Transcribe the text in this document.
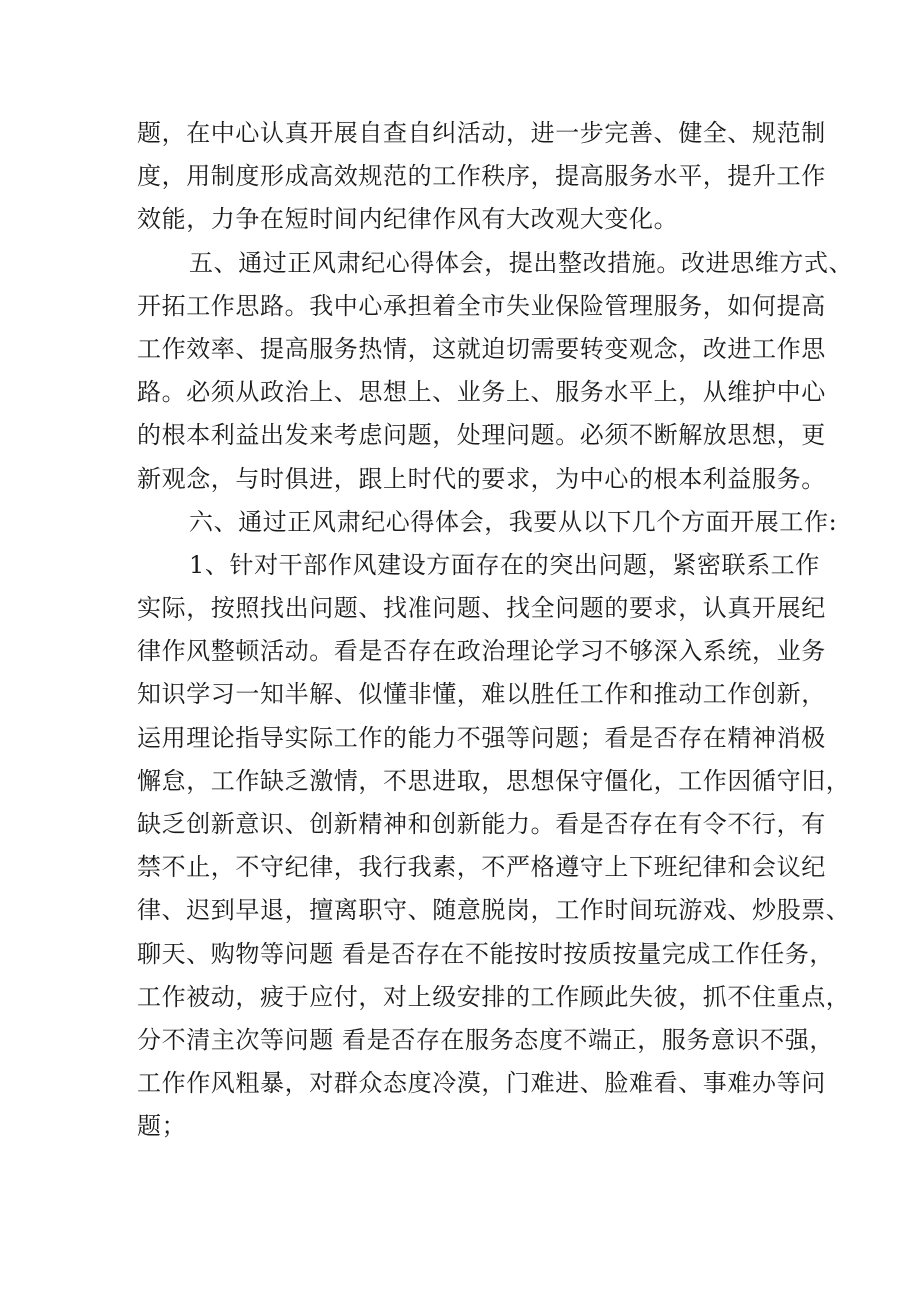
题，在中心认真开展自查自纠活动，进一步完善、健全、规范制
度，用制度形成高效规范的工作秩序，提高服务水平，提升工作
效能，力争在短时间内纪律作风有大改观大变化。
五、通过正风肃纪心得体会，提出整改措施。改进思维方式、
开拓工作思路。我中心承担着全市失业保险管理服务，如何提高
工作效率、提高服务热情，这就迫切需要转变观念，改进工作思
路。必须从政治上、思想上、业务上、服务水平上，从维护中心
的根本利益出发来考虑问题，处理问题。必须不断解放思想，更
新观念，与时俱进，跟上时代的要求，为中心的根本利益服务。
六、通过正风肃纪心得体会，我要从以下几个方面开展工作:
1、针对干部作风建设方面存在的突出问题，紧密联系工作
实际，按照找出问题、找准问题、找全问题的要求，认真开展纪
律作风整顿活动。看是否存在政治理论学习不够深入系统，业务
知识学习一知半解、似懂非懂，难以胜任工作和推动工作创新，
运用理论指导实际工作的能力不强等问题；看是否存在精神消极
懈怠，工作缺乏激情，不思进取，思想保守僵化，工作因循守旧，
缺乏创新意识、创新精神和创新能力。看是否存在有令不行，有
禁不止，不守纪律，我行我素，不严格遵守上下班纪律和会议纪
律、迟到早退，擅离职守、随意脱岗，工作时间玩游戏、炒股票、
聊天、购物等问题 看是否存在不能按时按质按量完成工作任务，
工作被动，疲于应付，对上级安排的工作顾此失彼，抓不住重点，
分不清主次等问题 看是否存在服务态度不端正，服务意识不强，
工作作风粗暴，对群众态度冷漠，门难进、脸难看、事难办等问
题；
